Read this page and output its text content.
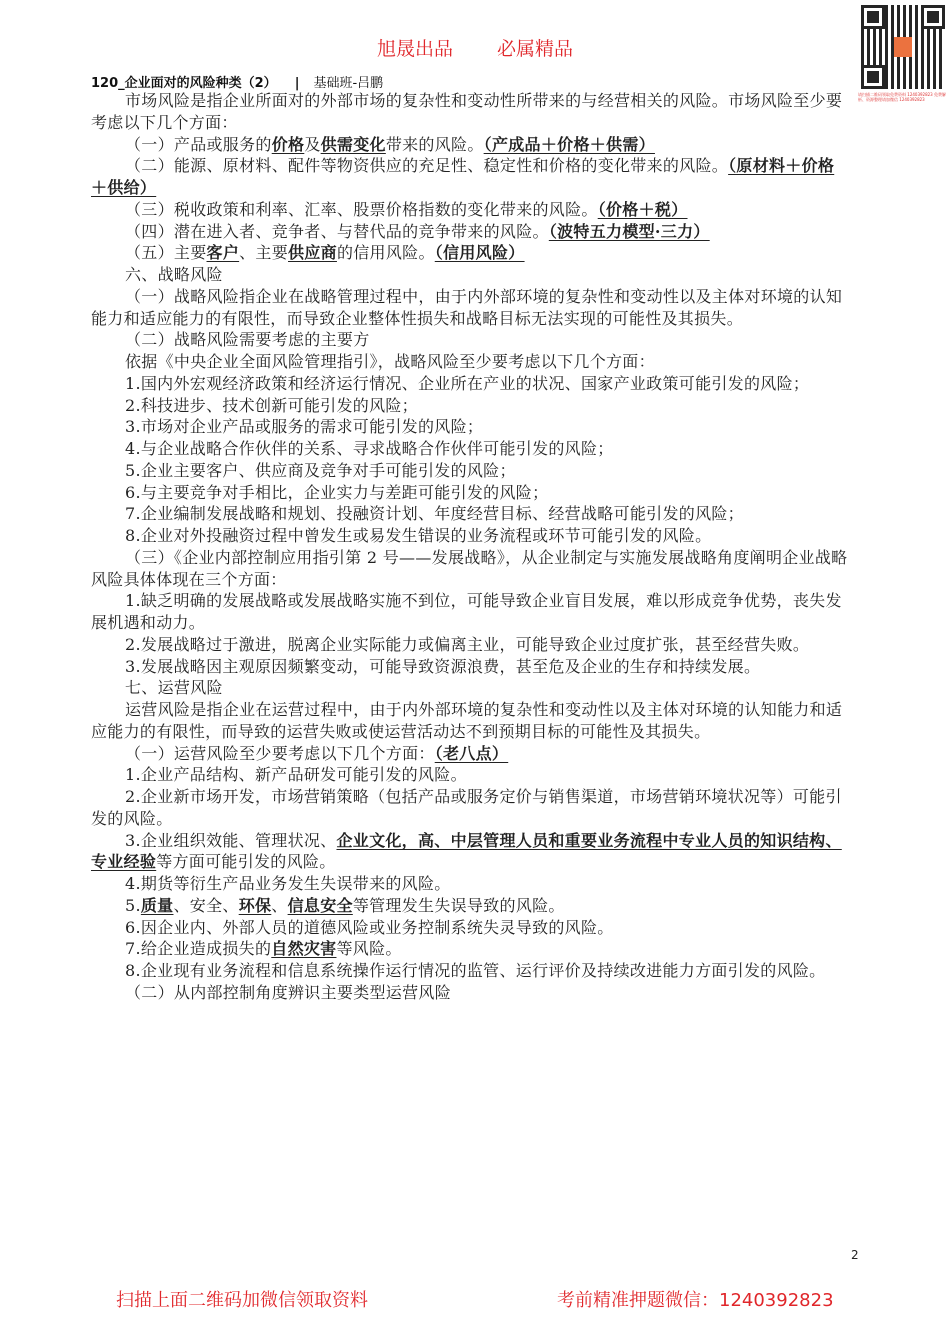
旭晟出品 必属精品
请扫描二维码领取免费资料 1240392823 免费解析、资源整理请加微信 1240392823
120_企业面对的风险种类（2） | 基础班-吕鹏
市场风险是指企业所面对的外部市场的复杂性和变动性所带来的与经营相关的风险。市场风险至少要
考虑以下几个方面：
（一）产品或服务的价格及供需变化带来的风险。（产成品＋价格＋供需）
（二）能源、原材料、配件等物资供应的充足性、稳定性和价格的变化带来的风险。（原材料＋价格
＋供给）
（三）税收政策和利率、汇率、股票价格指数的变化带来的风险。（价格＋税）
（四）潜在进入者、竞争者、与替代品的竞争带来的风险。（波特五力模型·三力）
（五）主要客户、主要供应商的信用风险。（信用风险）
六、战略风险
（一）战略风险指企业在战略管理过程中，由于内外部环境的复杂性和变动性以及主体对环境的认知
能力和适应能力的有限性，而导致企业整体性损失和战略目标无法实现的可能性及其损失。
（二）战略风险需要考虑的主要方
依据《中央企业全面风险管理指引》，战略风险至少要考虑以下几个方面：
1.国内外宏观经济政策和经济运行情况、企业所在产业的状况、国家产业政策可能引发的风险；
2.科技进步、技术创新可能引发的风险；
3.市场对企业产品或服务的需求可能引发的风险；
4.与企业战略合作伙伴的关系、寻求战略合作伙伴可能引发的风险；
5.企业主要客户、供应商及竞争对手可能引发的风险；
6.与主要竞争对手相比，企业实力与差距可能引发的风险；
7.企业编制发展战略和规划、投融资计划、年度经营目标、经营战略可能引发的风险；
8.企业对外投融资过程中曾发生或易发生错误的业务流程或环节可能引发的风险。
（三）《企业内部控制应用指引第 2 号——发展战略》，从企业制定与实施发展战略角度阐明企业战略
风险具体体现在三个方面：
1.缺乏明确的发展战略或发展战略实施不到位，可能导致企业盲目发展，难以形成竞争优势，丧失发
展机遇和动力。
2.发展战略过于激进，脱离企业实际能力或偏离主业，可能导致企业过度扩张，甚至经营失败。
3.发展战略因主观原因频繁变动，可能导致资源浪费，甚至危及企业的生存和持续发展。
七、运营风险
运营风险是指企业在运营过程中，由于内外部环境的复杂性和变动性以及主体对环境的认知能力和适
应能力的有限性，而导致的运营失败或使运营活动达不到预期目标的可能性及其损失。
（一）运营风险至少要考虑以下几个方面：（老八点）
1.企业产品结构、新产品研发可能引发的风险。
2.企业新市场开发，市场营销策略（包括产品或服务定价与销售渠道，市场营销环境状况等）可能引
发的风险。
3.企业组织效能、管理状况、企业文化，高、中层管理人员和重要业务流程中专业人员的知识结构、
专业经验等方面可能引发的风险。
4.期货等衍生产品业务发生失误带来的风险。
5.质量、安全、环保、信息安全等管理发生失误导致的风险。
6.因企业内、外部人员的道德风险或业务控制系统失灵导致的风险。
7.给企业造成损失的自然灾害等风险。
8.企业现有业务流程和信息系统操作运行情况的监管、运行评价及持续改进能力方面引发的风险。
（二）从内部控制角度辨识主要类型运营风险
2
扫描上面二维码加微信领取资料	考前精准押题微信：1240392823
